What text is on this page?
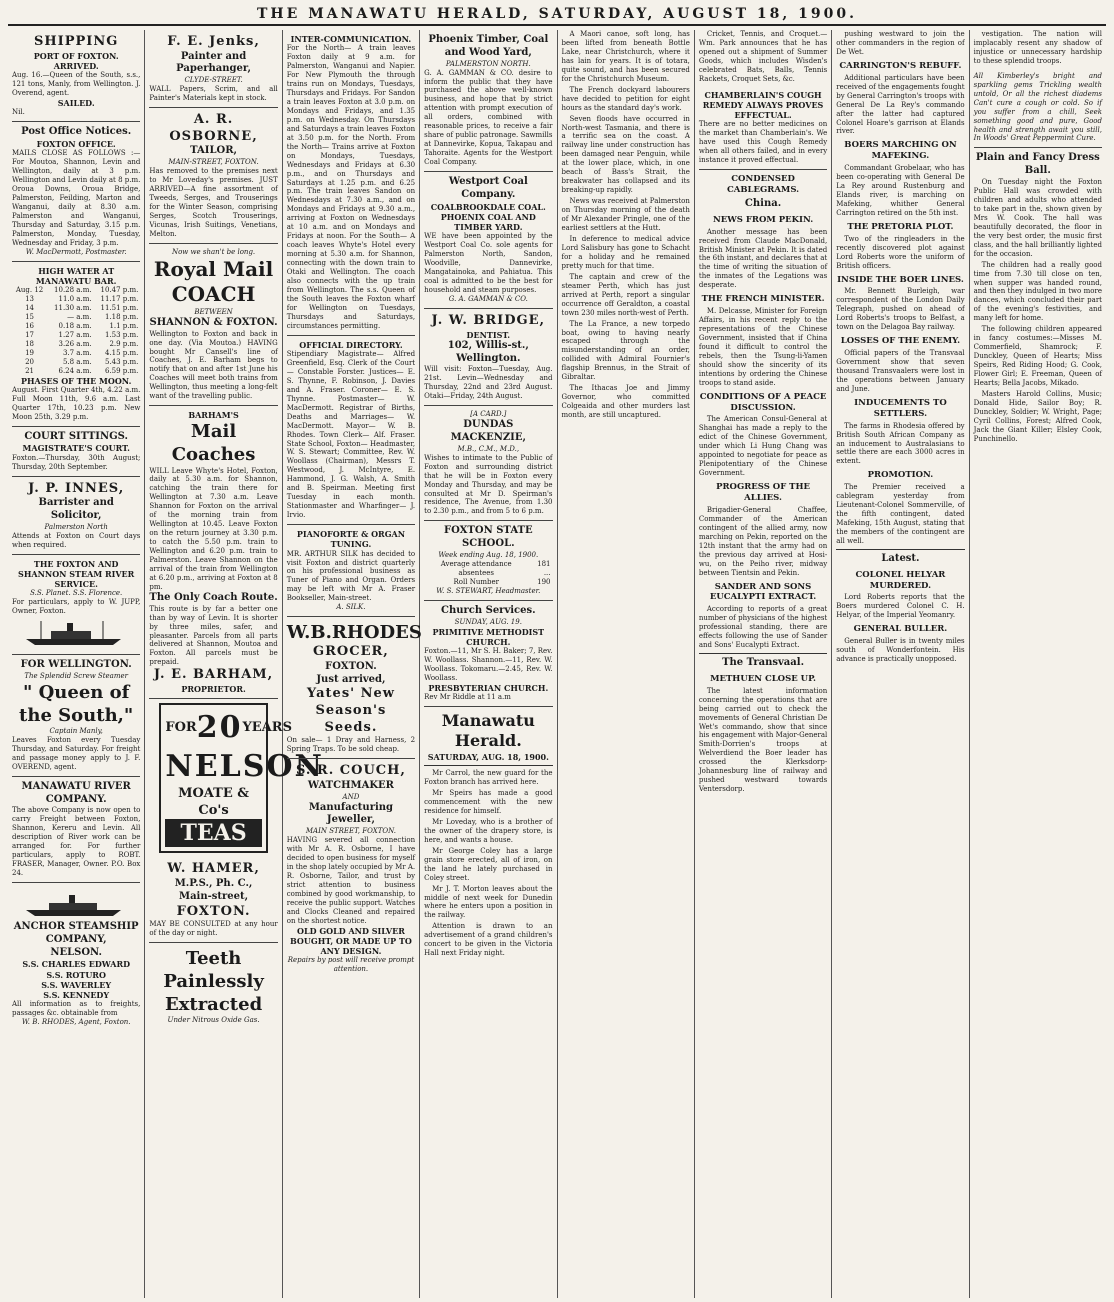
THE MANAWATU HERALD, SATURDAY, AUGUST 18, 1900.
SHIPPING
PORT OF FOXTON.
ARRIVED.
Aug. 16.—Queen of the South, s.s., 121 tons, Manly, from Wellington. J. Overend, agent.
SAILED.
Nil.
Post Office Notices.
FOXTON OFFICE.
MAILS CLOSE AS FOLLOWS :— For Moutoa, Shannon, Levin and Wellington, daily at 3 p.m. Wellington and Levin daily at 8 p.m. Oroua Downs, Oroua Bridge, Palmerston, Feilding, Marton and Wanganui, daily at 8.30 a.m. Palmerston and Wanganui, Thursday and Saturday, 3.15 p.m. Palmerston, Monday, Tuesday, Wednesday and Friday, 3 p.m.
W. MacDermott, Postmaster.
HIGH WATER AT MANAWATU BAR.
Aug. 12	10.28 a.m.	10.47 p.m.
13	11.0 a.m.	11.17 p.m.
14	11.30 a.m.	11.51 p.m.
15	— a.m.	1.18 p.m.
16	0.18 a.m.	1.1 p.m.
17	1.27 a.m.	1.53 p.m.
18	3.26 a.m.	2.9 p.m.
19	3.7 a.m.	4.15 p.m.
20	5.8 a.m.	5.43 p.m.
21	6.24 a.m.	6.59 p.m.
PHASES OF THE MOON.
August. First Quarter 4th, 4.22 a.m. Full Moon 11th, 9.6 a.m. Last Quarter 17th, 10.23 p.m. New Moon 25th, 3.29 p.m.
COURT SITTINGS.
MAGISTRATE'S COURT.
Foxton.—Thursday, 30th August; Thursday, 20th September.
J. P. INNES,
Barrister and Solicitor,
Palmerston North
Attends at Foxton on Court days when required.
THE FOXTON AND SHANNON STEAM RIVER SERVICE.
S.S. Planet. S.S. Florence.
For particulars, apply to W. JUPP, Owner, Foxton.
FOR WELLINGTON.
The Splendid Screw Steamer
" Queen of the South,"
Captain Manly,
Leaves Foxton every Tuesday Thursday, and Saturday. For freight and passage money apply to J. F. OVEREND, agent.
MANAWATU RIVER COMPANY.
The above Company is now open to carry Freight between Foxton, Shannon, Kereru and Levin. All description of River work can be arranged for. For further particulars, apply to ROBT. FRASER, Manager, Owner. P.O. Box 24.
ANCHOR STEAMSHIP COMPANY,
NELSON.
S.S. CHARLES EDWARD
S.S. ROTURO
S.S. WAVERLEY
S.S. KENNEDY
All information as to freights, passages &c. obtainable from
W. B. RHODES, Agent, Foxton.
F. E. Jenks,
Painter and Paperhanger,
CLYDE-STREET.
WALL Papers, Scrim, and all Painter's Materials kept in stock.
A. R. OSBORNE,
TAILOR,
MAIN-STREET, FOXTON.
Has removed to the premises next to Mr Loveday's premises. JUST ARRIVED—A fine assortment of Tweeds, Serges, and Trouserings for the Winter Season, comprising Serges, Scotch Trouserings, Vicunas, Irish Suitings, Venetians, Melton.
Now we shan't be long.
Royal Mail COACH
BETWEEN
SHANNON & FOXTON.
Wellington to Foxton and back in one day. (Via Moutoa.) HAVING bought Mr Cansell's line of Coaches, J. E. Barham begs to notify that on and after 1st June his Coaches will meet both trains from Wellington, thus meeting a long-felt want of the travelling public.
BARHAM'S
Mail Coaches
WILL Leave Whyte's Hotel, Foxton, daily at 5.30 a.m. for Shannon, catching the train there for Wellington at 7.30 a.m. Leave Shannon for Foxton on the arrival of the morning train from Wellington at 10.45. Leave Foxton on the return journey at 3.30 p.m. to catch the 5.50 p.m. train to Wellington and 6.20 p.m. train to Palmerston. Leave Shannon on the arrival of the train from Wellington at 6.20 p.m., arriving at Foxton at 8 pm.
The Only Coach Route.
This route is by far a better one than by way of Levin. It is shorter by three miles, safer, and pleasanter. Parcels from all parts delivered at Shannon, Moutoa and Foxton. All parcels must be prepaid.
J. E. BARHAM,
PROPRIETOR.
FOR 20 YEARS
NELSON
MOATE & Co's
TEAS
W. HAMER,
M.P.S., Ph. C.,
Main-street,
FOXTON.
MAY BE CONSULTED at any hour of the day or night.
Teeth Painlessly Extracted
Under Nitrous Oxide Gas.
INTER-COMMUNICATION.
For the North— A train leaves Foxton daily at 9 a.m. for Palmerston, Wanganui and Napier. For New Plymouth the through trains run on Mondays, Tuesdays, Thursdays and Fridays. For Sandon a train leaves Foxton at 3.0 p.m. on Mondays and Fridays, and 1.35 p.m. on Wednesday. On Thursdays and Saturdays a train leaves Foxton at 3.50 p.m. for the North. From the North— Trains arrive at Foxton on Mondays, Tuesdays, Wednesdays and Fridays at 6.30 p.m., and on Thursdays and Saturdays at 1.25 p.m. and 6.25 p.m. The train leaves Sandon on Wednesdays at 7.30 a.m., and on Mondays and Fridays at 9.30 a.m., arriving at Foxton on Wednesdays at 10 a.m. and on Mondays and Fridays at noon. For the South— A coach leaves Whyte's Hotel every morning at 5.30 a.m. for Shannon, connecting with the down train to Otaki and Wellington. The coach also connects with the up train from Wellington. The s.s. Queen of the South leaves the Foxton wharf for Wellington on Tuesdays, Thursdays and Saturdays, circumstances permitting.
OFFICIAL DIRECTORY.
Stipendiary Magistrate— Alfred Greenfield, Esq. Clerk of the Court— Constable Forster. Justices— E. S. Thynne, F. Robinson, J. Davies and A. Fraser. Coroner— E. S. Thynne. Postmaster— W. MacDermott. Registrar of Births, Deaths and Marriages— W. MacDermott. Mayor— W. B. Rhodes. Town Clerk— Alf. Fraser. State School, Foxton— Headmaster, W. S. Stewart; Committee, Rev. W. Woollass (Chairman), Messrs T. Westwood, J. McIntyre, E. Hammond, J. G. Walsh, A. Smith and B. Speirman. Meeting first Tuesday in each month. Stationmaster and Wharfinger— J. Irvio.
PIANOFORTE & ORGAN TUNING.
MR. ARTHUR SILK has decided to visit Foxton and district quarterly on his professional business as Tuner of Piano and Organ. Orders may be left with Mr A. Fraser Bookseller, Main-street.
A. SILK.
W.B.RHODES
GROCER,
FOXTON.
Just arrived,
Yates' New Season's Seeds.
On sale— 1 Dray and Harness, 2 Spring Traps. To be sold cheap.
S. R. COUCH,
WATCHMAKER
AND
Manufacturing Jeweller,
MAIN STREET, FOXTON.
HAVING severed all connection with Mr A. R. Osborne, I have decided to open business for myself in the shop lately occupied by Mr A. R. Osborne, Tailor, and trust by strict attention to business combined by good workmanship, to receive the public support. Watches and Clocks Cleaned and repaired on the shortest notice.
OLD GOLD AND SILVER BOUGHT, OR MADE UP TO ANY DESIGN.
Repairs by post will receive prompt attention.
Phoenix Timber, Coal and Wood Yard,
PALMERSTON NORTH.
G. A. GAMMAN & CO. desire to inform the public that they have purchased the above well-known business, and hope that by strict attention with prompt execution of all orders, combined with reasonable prices, to receive a fair share of public patronage. Sawmills at Dannevirke, Kopua, Takapau and Tahoraite. Agents for the Westport Coal Company.
Westport Coal Company.
COALBROOKDALE COAL.
PHOENIX COAL AND TIMBER YARD.
WE have been appointed by the Westport Coal Co. sole agents for Palmerston North, Sandon, Woodville, Dannevirke, Mangatainoka, and Pahiatua. This coal is admitted to be the best for household and steam purposes.
G. A. GAMMAN & CO.
J. W. BRIDGE,
DENTIST.
102, Willis-st., Wellington.
Will visit: Foxton—Tuesday, Aug. 21st. Levin—Wednesday and Thursday, 22nd and 23rd August. Otaki—Friday, 24th August.
[A CARD.]
DUNDAS MACKENZIE,
M.B., C.M., M.D.,
Wishes to intimate to the Public of Foxton and surrounding district that he will be in Foxton every Monday and Thursday, and may be consulted at Mr D. Speirman's residence, The Avenue, from 1.30 to 2.30 p.m., and from 5 to 6 p.m.
FOXTON STATE SCHOOL.
Week ending Aug. 18, 1900.
Average attendance	181
absentees	...
Roll Number	190
W. S. STEWART, Headmaster.
Church Services.
SUNDAY, AUG. 19.
PRIMITIVE METHODIST CHURCH.
Foxton.—11, Mr S. H. Baker; 7, Rev. W. Woollass. Shannon.—11, Rev. W. Woollass. Tokomaru.—2.45, Rev. W. Woollass.
PRESBYTERIAN CHURCH.
Rev Mr Riddle at 11 a.m
Manawatu Herald.
SATURDAY, AUG. 18, 1900.

Mr Carrol, the new guard for the Foxton branch has arrived here.

Mr Speirs has made a good commencement with the new residence for himself.

Mr Loveday, who is a brother of the owner of the drapery store, is here, and wants a house.

Mr George Coley has a large grain store erected, all of iron, on the land he lately purchased in Coley street.

Mr J. T. Morton leaves about the middle of next week for Dunedin where he enters upon a position in the railway.

Attention is drawn to an advertisement of a grand children's concert to be given in the Victoria Hall next Friday night.

A Maori canoe, soft long, has been lifted from beneath Bottle Lake, near Christchurch, where it has lain for years. It is of totara, quite sound, and has been secured for the Christchurch Museum.

The French dockyard labourers have decided to petition for eight hours as the standard day's work.

Seven floods have occurred in North-west Tasmania, and there is a terrific sea on the coast. A railway line under construction has been damaged near Penguin, while at the lower place, which, in one beach of Bass's Strait, the breakwater has collapsed and its breaking-up rapidly.

News was received at Palmerston on Thursday morning of the death of Mr Alexander Pringle, one of the earliest settlers at the Hutt.

In deference to medical advice Lord Salisbury has gone to Schacht for a holiday and he remained pretty much for that time.

The captain and crew of the steamer Perth, which has just arrived at Perth, report a singular occurrence off Geraldton, a coastal town 230 miles north-west of Perth.

The La France, a new torpedo boat, owing to having nearly escaped through the misunderstanding of an order, collided with Admiral Fournier's flagship Brennus, in the Strait of Gibraltar.

The Ithacas Joe and Jimmy Governor, who committed Colgeaida and other murders last month, are still uncaptured.

Cricket, Tennis, and Croquet.—Wm. Park announces that he has opened out a shipment of Summer Goods, which includes Wisden's celebrated Bats, Balls, Tennis Rackets, Croquet Sets, &c.

CHAMBERLAIN'S COUGH REMEDY ALWAYS PROVES EFFECTUAL.
There are no better medicines on the market than Chamberlain's. We have used this Cough Remedy when all others failed, and in every instance it proved effectual.
CONDENSED CABLEGRAMS.
China.
NEWS FROM PEKIN.

Another message has been received from Claude MacDonald, British Minister at Pekin. It is dated the 6th instant, and declares that at the time of writing the situation of the inmates of the Legations was desperate.

THE FRENCH MINISTER.

M. Delcasse, Minister for Foreign Affairs, in his recent reply to the representations of the Chinese Government, insisted that if China found it difficult to control the rebels, then the Tsung-li-Yamen should show the sincerity of its intentions by ordering the Chinese troops to stand aside.

CONDITIONS OF A PEACE DISCUSSION.

The American Consul-General at Shanghai has made a reply to the edict of the Chinese Government, under which Li Hung Chang was appointed to negotiate for peace as Plenipotentiary of the Chinese Government.

PROGRESS OF THE ALLIES.

Brigadier-General Chaffee, Commander of the American contingent of the allied army, now marching on Pekin, reported on the 12th instant that the army had on the previous day arrived at Hosi-wu, on the Peiho river, midway between Tientsin and Pekin.

SANDER AND SONS EUCALYPTI EXTRACT.

According to reports of a great number of physicians of the highest professional standing, there are effects following the use of Sander and Sons' Eucalypti Extract.

The Transvaal.
METHUEN CLOSE UP.

The latest information concerning the operations that are being carried out to check the movements of General Christian De Wet's commando, show that since his engagement with Major-General Smith-Dorrien's troops at Welverdiend the Boer leader has crossed the Klerksdorp-Johannesburg line of railway and pushed westward towards Ventersdorp.

pushing westward to join the other commanders in the region of De Wet.

CARRINGTON'S REBUFF.

Additional particulars have been received of the engagements fought by General Carrington's troops with General De La Rey's commando after the latter had captured Colonel Hoare's garrison at Elands river.

BOERS MARCHING ON MAFEKING.

Commandant Grobelaar, who has been co-operating with General De La Rey around Rustenburg and Elands river, is marching on Mafeking, whither General Carrington retired on the 5th inst.

THE PRETORIA PLOT.

Two of the ringleaders in the recently discovered plot against Lord Roberts wore the uniform of British officers.

INSIDE THE BOER LINES.

Mr. Bennett Burleigh, war correspondent of the London Daily Telegraph, pushed on ahead of Lord Roberts's troops to Belfast, a town on the Delagoa Bay railway.

LOSSES OF THE ENEMY.

Official papers of the Transvaal Government show that seven thousand Transvaalers were lost in the operations between January and June.

INDUCEMENTS TO SETTLERS.

The farms in Rhodesia offered by British South African Company as an inducement to Australasians to settle there are each 3000 acres in extent.

PROMOTION.

The Premier received a cablegram yesterday from Lieutenant-Colonel Sommerville, of the fifth contingent, dated Mafeking, 15th August, stating that the members of the contingent are all well.

Latest.
COLONEL HELYAR MURDERED.

Lord Roberts reports that the Boers murdered Colonel C. H. Helyar, of the Imperial Yeomanry.

GENERAL BULLER.

General Buller is in twenty miles south of Wonderfontein. His advance is practically unopposed.

vestigation. The nation will implacably resent any shadow of injustice or unnecessary hardship to these splendid troops.

All Kimberley's bright and sparkling gems Trickling wealth untold, Or all the richest diadems Can't cure a cough or cold. So if you suffer from a chill, Seek something good and pure, Good health and strength await you still, In Woods' Great Peppermint Cure.
Plain and Fancy Dress Ball.

On Tuesday night the Foxton Public Hall was crowded with children and adults who attended to take part in the, shown given by Mrs W. Cook. The hall was beautifully decorated, the floor in the very best order, the music first class, and the hall brilliantly lighted for the occasion.

The children had a really good time from 7.30 till close on ten, when supper was handed round, and then they indulged in two more dances, which concluded their part of the evening's festivities, and many left for home.

The following children appeared in fancy costumes:—Misses M. Commerfield, Shamrock; F. Dunckley, Queen of Hearts; Miss Speirs, Red Riding Hood; G. Cook, Flower Girl; E. Freeman, Queen of Hearts; Bella Jacobs, Mikado.

Masters Harold Collins, Music; Donald Hide, Sailor Boy; R. Dunckley, Soldier; W. Wright, Page; Cyril Collins, Forest; Alfred Cook, Jack the Giant Killer; Elsley Cook, Punchinello.
